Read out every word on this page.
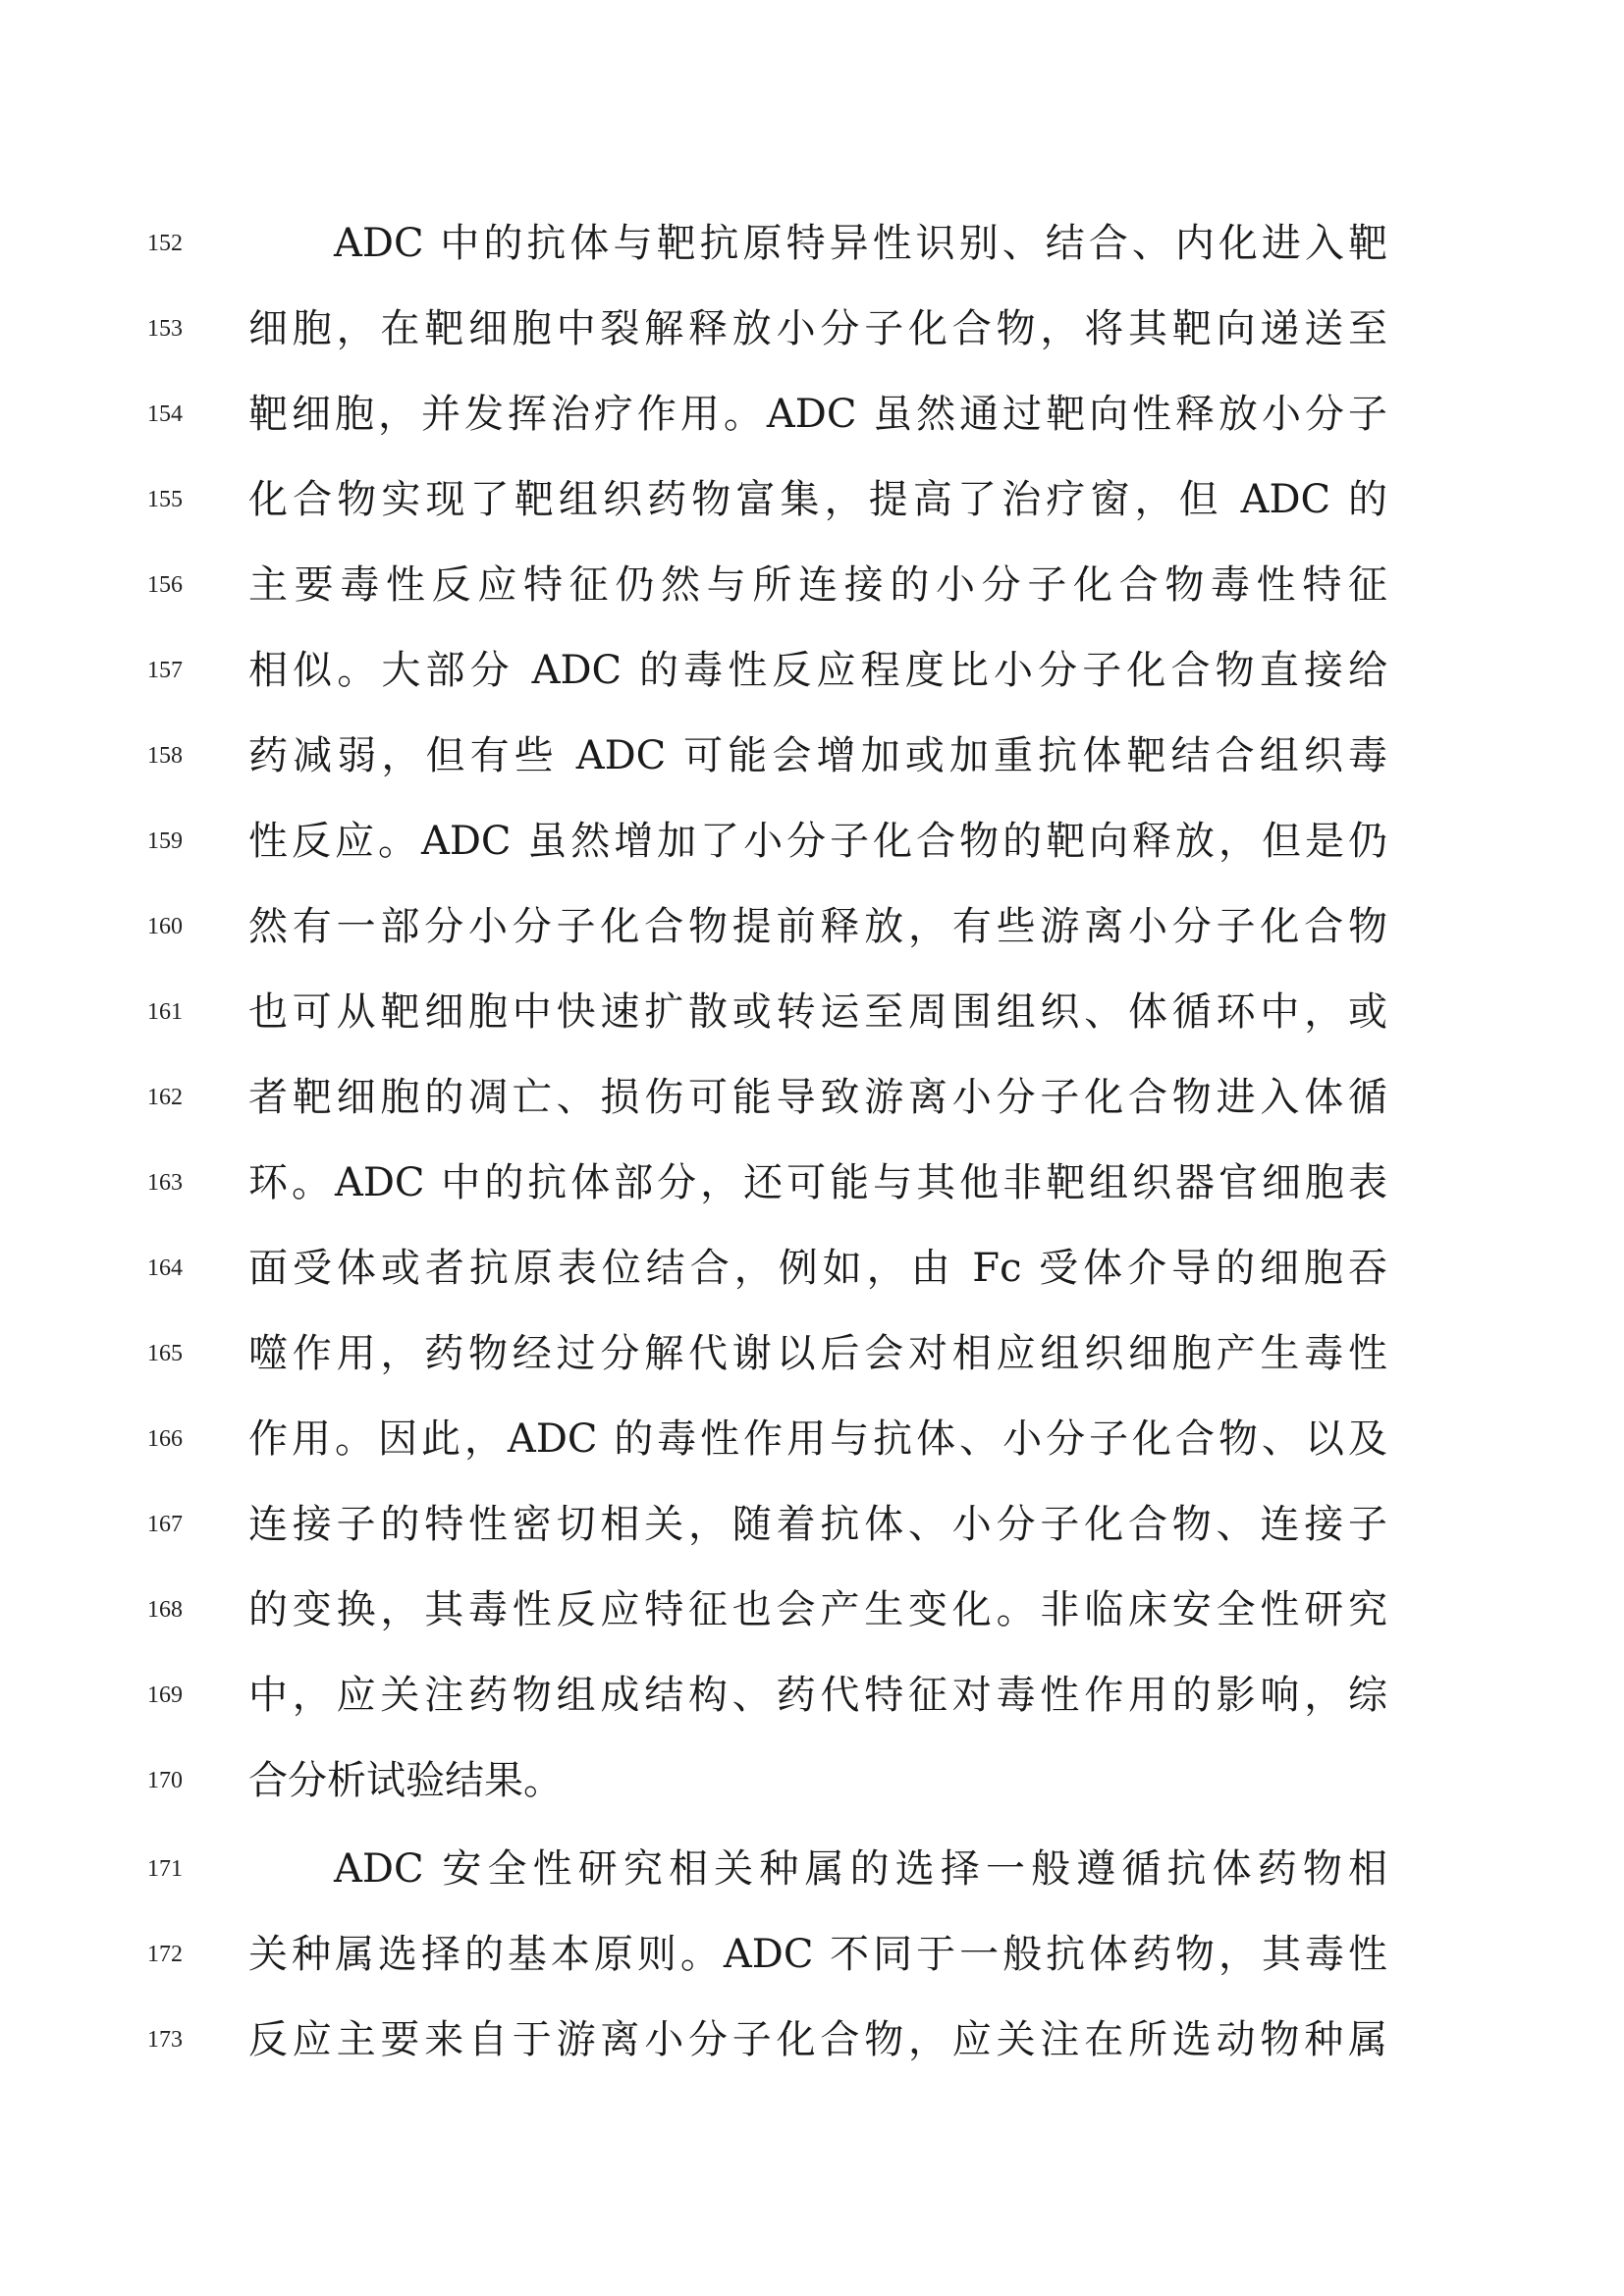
152	ADC 中的抗体与靶抗原特异性识别、结合、内化进入靶
153	细胞，在靶细胞中裂解释放小分子化合物，将其靶向递送至
154	靶细胞，并发挥治疗作用。ADC 虽然通过靶向性释放小分子
155	化合物实现了靶组织药物富集，提高了治疗窗，但 ADC 的
156	主要毒性反应特征仍然与所连接的小分子化合物毒性特征
157	相似。大部分 ADC 的毒性反应程度比小分子化合物直接给
158	药减弱，但有些 ADC 可能会增加或加重抗体靶结合组织毒
159	性反应。ADC 虽然增加了小分子化合物的靶向释放，但是仍
160	然有一部分小分子化合物提前释放，有些游离小分子化合物
161	也可从靶细胞中快速扩散或转运至周围组织、体循环中，或
162	者靶细胞的凋亡、损伤可能导致游离小分子化合物进入体循
163	环。ADC 中的抗体部分，还可能与其他非靶组织器官细胞表
164	面受体或者抗原表位结合，例如，由 Fc 受体介导的细胞吞
165	噬作用，药物经过分解代谢以后会对相应组织细胞产生毒性
166	作用。因此，ADC 的毒性作用与抗体、小分子化合物、以及
167	连接子的特性密切相关，随着抗体、小分子化合物、连接子
168	的变换，其毒性反应特征也会产生变化。非临床安全性研究
169	中，应关注药物组成结构、药代特征对毒性作用的影响，综
170	合分析试验结果。
171	ADC 安全性研究相关种属的选择一般遵循抗体药物相
172	关种属选择的基本原则。ADC 不同于一般抗体药物，其毒性
173	反应主要来自于游离小分子化合物，应关注在所选动物种属
